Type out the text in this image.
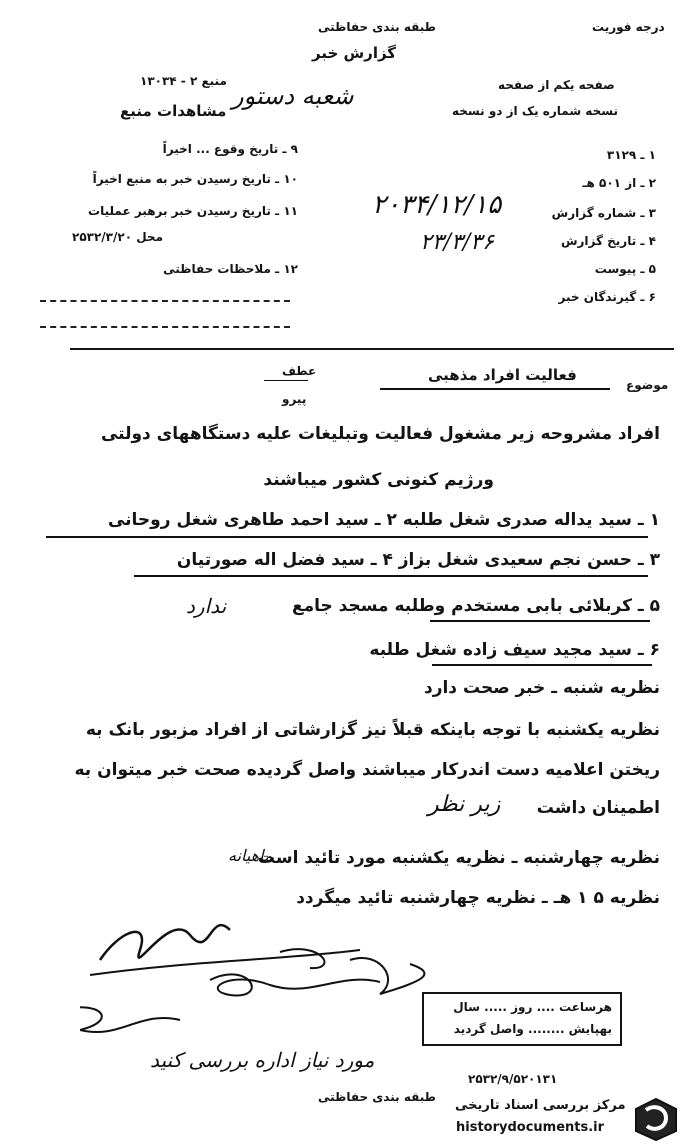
درجه فوریت
طبقه بندی حفاظتی
گزارش خبر
صفحه یکم از صفحه
نسخه شماره یک از دو نسخه
۱۳۰۳۴ - ۲ منبع
مشاهدات منبع
شعبه دستور
۹ ـ تاریخ وقوع ... اخیراً
۱۰ ـ تاریخ رسیدن خبر به منبع اخیراً
۱۱ ـ تاریخ رسیدن خبر برهبر عملیات
۲۵۳۲/۳/۲۰ محل
۱۲ ـ ملاحظات حفاظتی
۱ ـ ۳۱۲۹
۲ ـ از ۵۰۱ هـ
۳ ـ شماره گزارش
۴ ـ تاریخ گزارش
۵ ـ پیوست
۶ ـ گیرندگان خبر
۲۰۳۴/۱۲/۱۵
۲۳/۳/۳۶
موضوع
فعالیت افراد مذهبی
عطف
پیرو
افراد مشروحه زیر مشغول فعالیت وتبلیغات علیه دستگاههای دولتی
ورژیم کنونی کشور میباشند
۱ ـ سید یداله صدری شغل طلبه ۲ ـ سید احمد طاهری شغل روحانی
۳ ـ حسن نجم سعیدی شغل بزاز ۴ ـ سید فضل اله صورتیان
۵ ـ کربلائی بابی مستخدم وطلبه مسجد جامع
ندارد
۶ ـ سید مجید سیف زاده شغل طلبه
نظریه شنبه ـ خبر صحت دارد
نظریه یکشنبه با توجه باینکه قبلاً نیز گزارشاتی از افراد مزبور بانک به
ریختن اعلامیه دست اندرکار میباشند واصل گردیده صحت خبر میتوان به
اطمینان داشت
زیر نظر
نظریه چهارشنبه ـ نظریه یکشنبه مورد تائید است
ماهیانه
نظریه ۵ ۱ هـ ـ نظریه چهارشنبه تائید میگردد
هرساعت .... روز ..... سال
بهپایش ........ واصل گردید
مورد نیاز اداره بررسی کنید
۲۵۳۲/۹/۵۲۰۱۳۱
طبقه بندی حفاظتی
مرکز بررسی اسناد تاریخی
historydocuments.ir
